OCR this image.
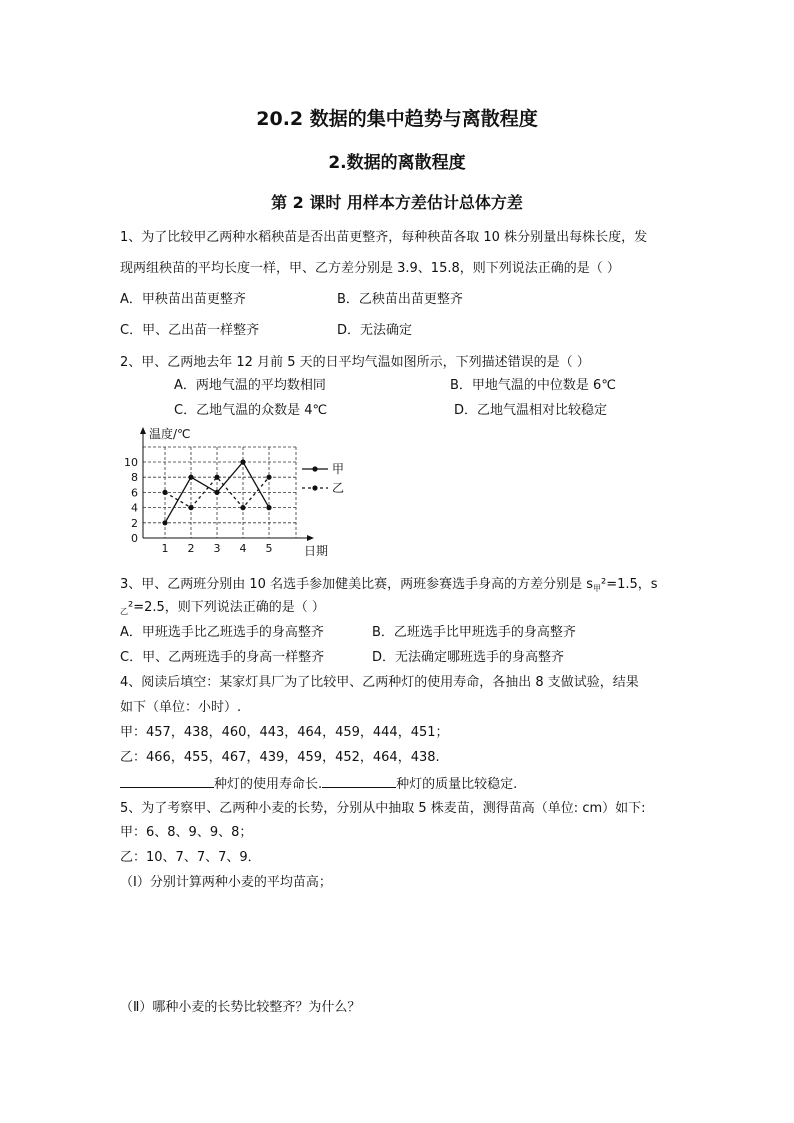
20.2 数据的集中趋势与离散程度
2.数据的离散程度
第 2 课时 用样本方差估计总体方差
1、为了比较甲乙两种水稻秧苗是否出苗更整齐，每种秧苗各取 10 株分别量出每株长度，发
现两组秧苗的平均长度一样，甲、乙方差分别是 3.9、15.8，则下列说法正确的是（ ）
A．甲秧苗出苗更整齐	B．乙秧苗出苗更整齐
C．甲、乙出苗一样整齐	D．无法确定
2、甲、乙两地去年 12 月前 5 天的日平均气温如图所示，下列描述错误的是（ ）
A．两地气温的平均数相同	B．甲地气温的中位数是 6℃
C．乙地气温的众数是 4℃	D．乙地气温相对比较稳定
温度/℃
日期
0
2
4
6
8
10
1 2 3 4 5
甲
乙
3、甲、乙两班分别由 10 名选手参加健美比赛，两班参赛选手身高的方差分别是 $s_甲^2=1.5$，s
$_乙$²=2.5，则下列说法正确的是（ ）
A．甲班选手比乙班选手的身高整齐	B．乙班选手比甲班选手的身高整齐
C．甲、乙两班选手的身高一样整齐	D．无法确定哪班选手的身高整齐
4、阅读后填空：某家灯具厂为了比较甲、乙两种灯的使用寿命，各抽出 8 支做试验，结果
如下（单位：小时）.
甲：457，438，460，443，464，459，444，451；
乙：466，455，467，439，459，452，464，438.
种灯的使用寿命长.	种灯的质量比较稳定.
5、为了考察甲、乙两种小麦的长势，分别从中抽取 5 株麦苗，测得苗高（单位: cm）如下:
甲：6、8、9、9、8；
乙：10、7、7、7、9．
（Ⅰ）分别计算两种小麦的平均苗高；
（Ⅱ）哪种小麦的长势比较整齐？为什么？
